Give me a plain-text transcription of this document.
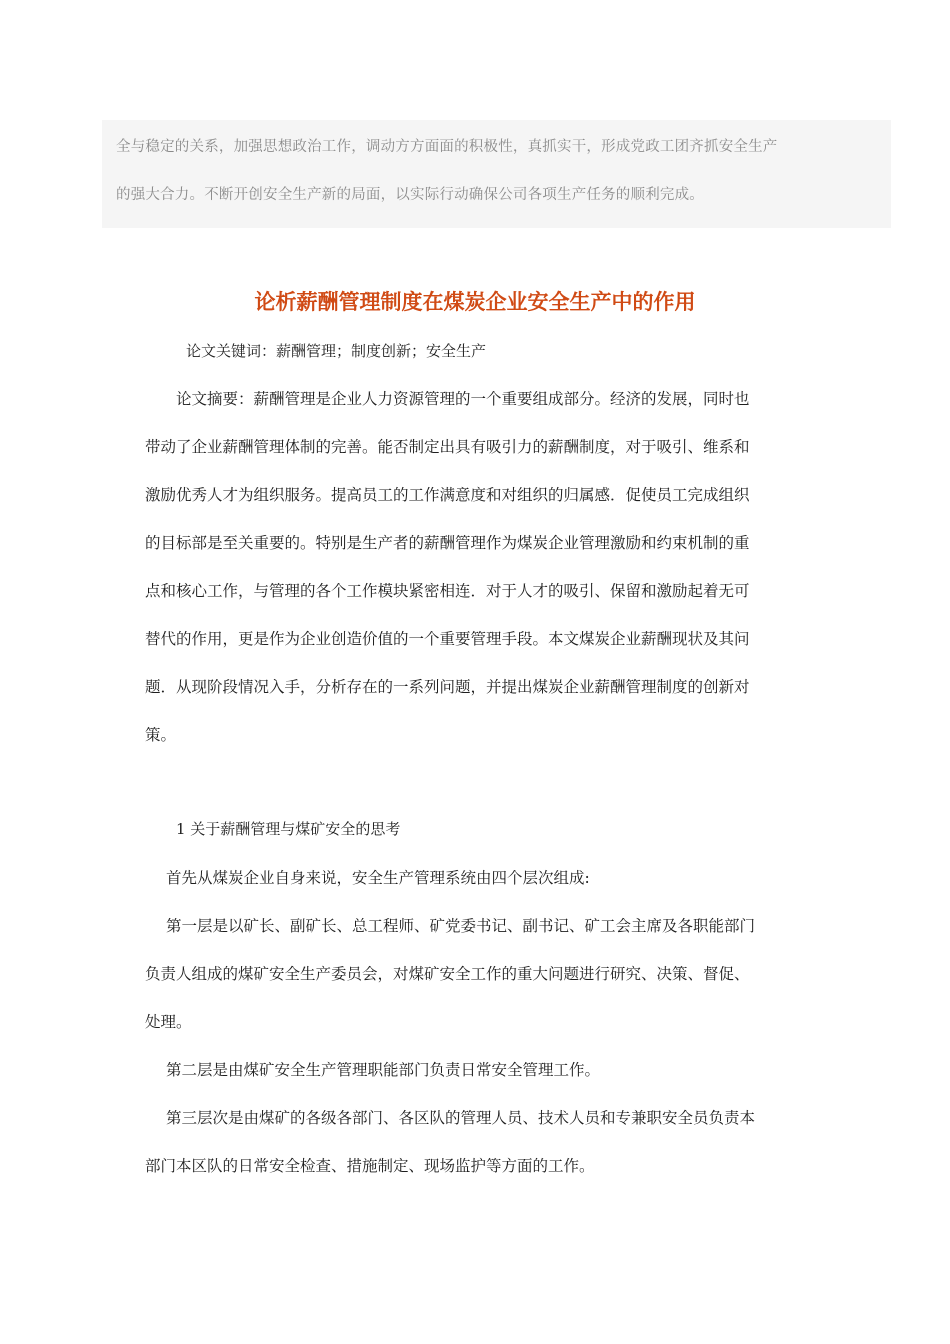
全与稳定的关系，加强思想政治工作，调动方方面面的积极性，真抓实干，形成党政工团齐抓安全生产
的强大合力。不断开创安全生产新的局面，以实际行动确保公司各项生产任务的顺利完成。
论析薪酬管理制度在煤炭企业安全生产中的作用
论文关键词：薪酬管理；制度创新；安全生产
论文摘要：薪酬管理是企业人力资源管理的一个重要组成部分。经济的发展，同时也
带动了企业薪酬管理体制的完善。能否制定出具有吸引力的薪酬制度，对于吸引、维系和
激励优秀人才为组织服务。提高员工的工作满意度和对组织的归属感．促使员工完成组织
的目标部是至关重要的。特别是生产者的薪酬管理作为煤炭企业管理激励和约束机制的重
点和核心工作，与管理的各个工作模块紧密相连．对于人才的吸引、保留和激励起着无可
替代的作用，更是作为企业创造价值的一个重要管理手段。本文煤炭企业薪酬现状及其问
题．从现阶段情况入手，分析存在的一系列问题，并提出煤炭企业薪酬管理制度的创新对
策。
1 关于薪酬管理与煤矿安全的思考
首先从煤炭企业自身来说，安全生产管理系统由四个层次组成:
第一层是以矿长、副矿长、总工程师、矿党委书记、副书记、矿工会主席及各职能部门
负责人组成的煤矿安全生产委员会，对煤矿安全工作的重大问题进行研究、决策、督促、
处理。
第二层是由煤矿安全生产管理职能部门负责日常安全管理工作。
第三层次是由煤矿的各级各部门、各区队的管理人员、技术人员和专兼职安全员负责本
部门本区队的日常安全检查、措施制定、现场监护等方面的工作。
